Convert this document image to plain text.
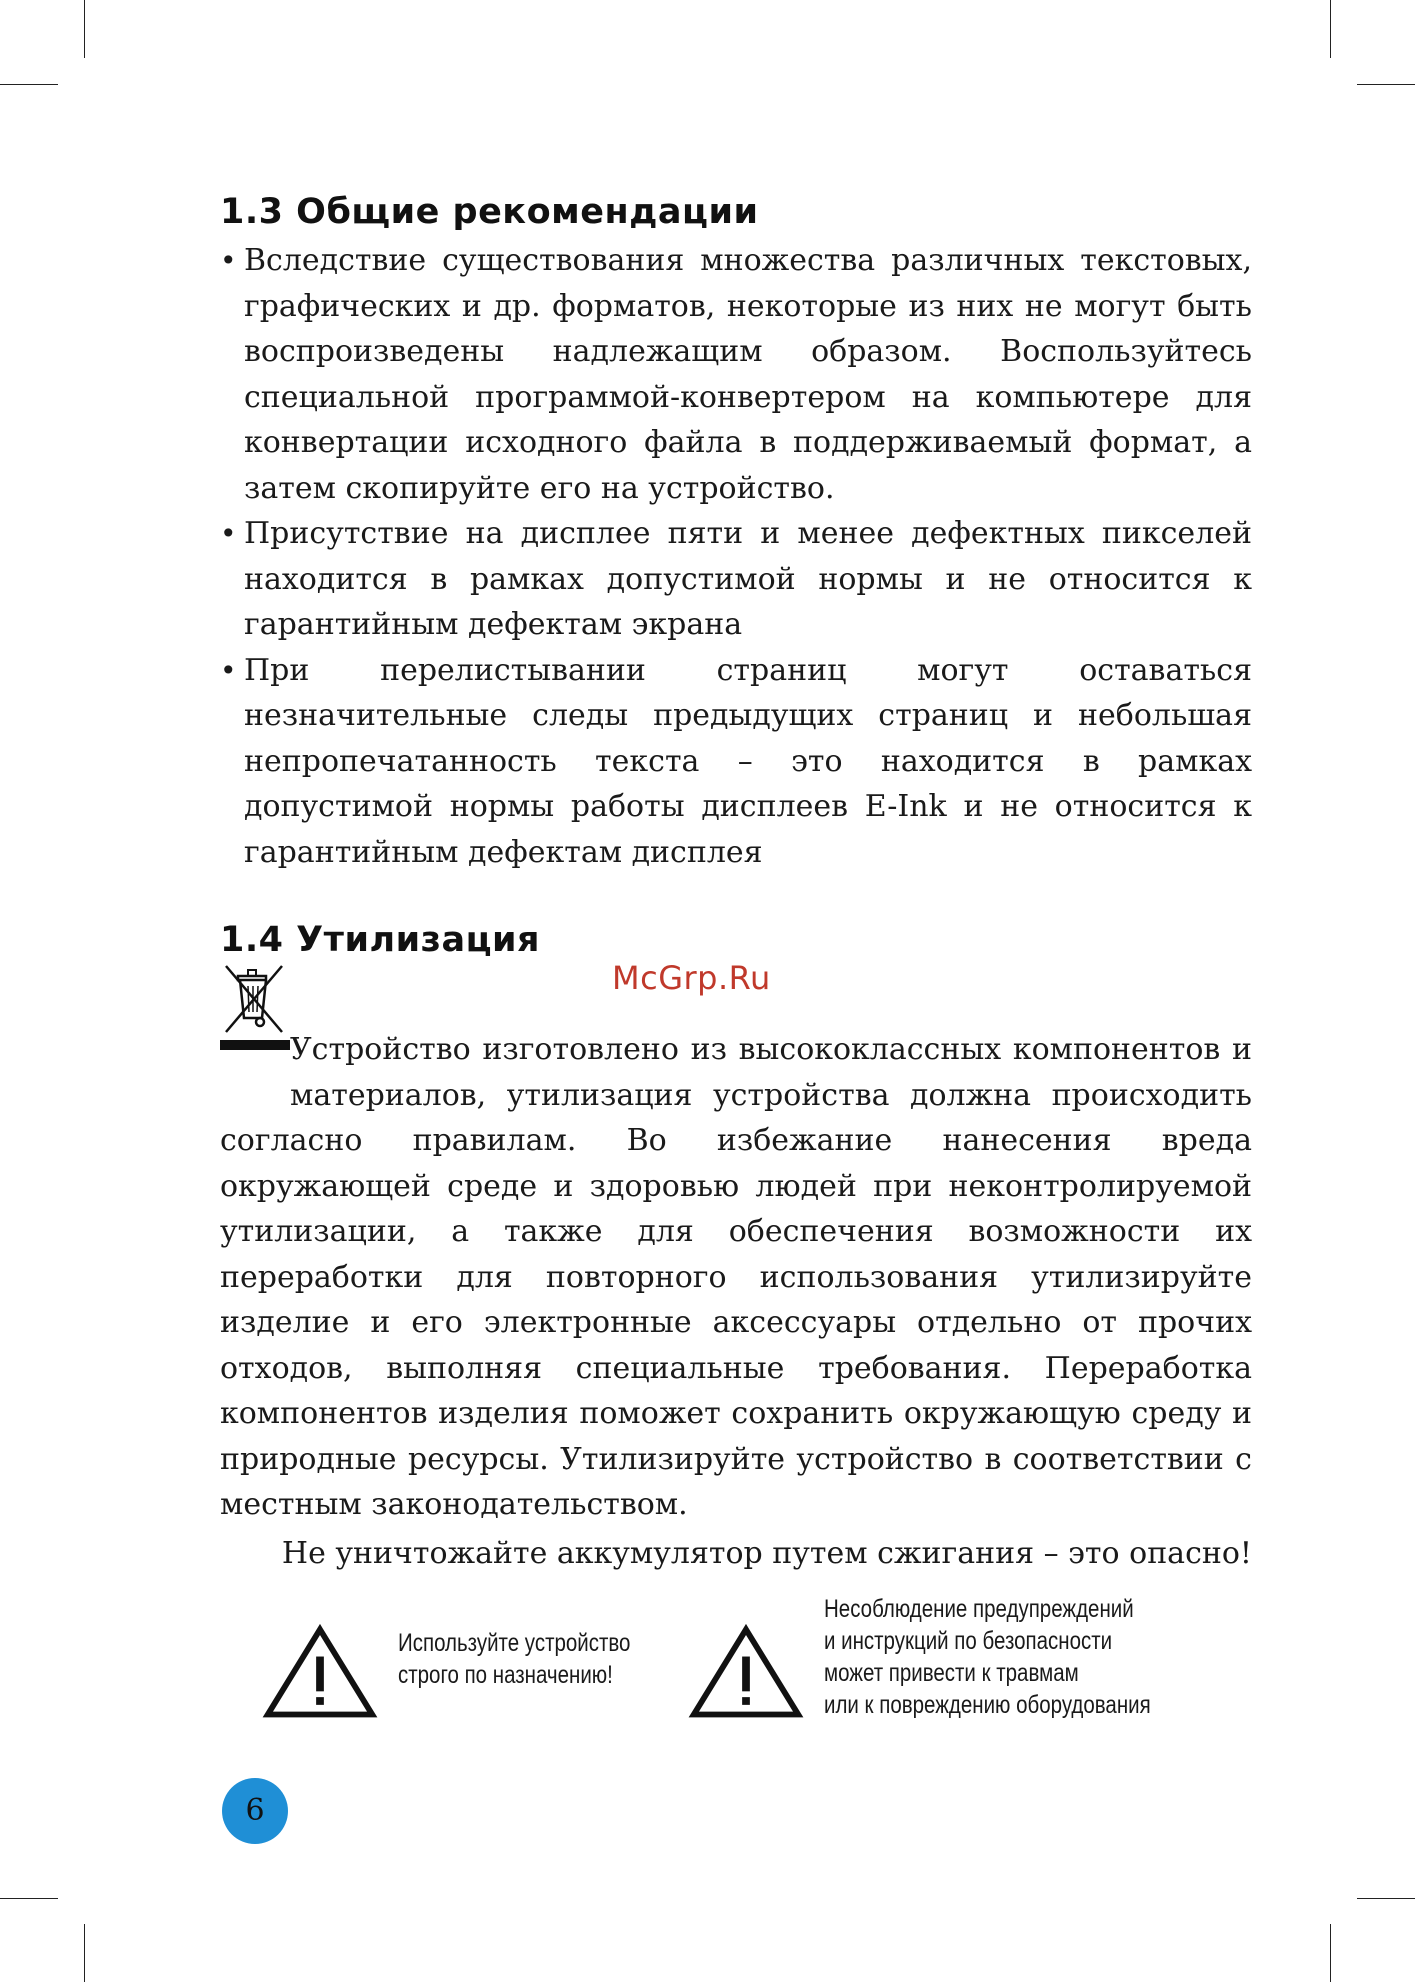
1.3 Общие рекомендации
• Вследствие существования множества различных текстовых, графических и др. форматов, некоторые из них не могут быть воспроизведены надлежащим образом. Воспользуйтесь специальной программой-конвертером на компьютере для конвертации исходного файла в поддерживаемый формат, а затем скопируйте его на устройство.
• Присутствие на дисплее пяти и менее дефектных пикселей находится в рамках допустимой нормы и не относится к гарантийным дефектам экрана
• При перелистывании страниц могут оставаться незначительные следы предыдущих страниц и небольшая непропечатанность текста – это находится в рамках допустимой нормы работы дисплеев E-Ink и не относится к гарантийным дефектам дисплея
1.4 Утилизация
McGrp.Ru
Устройство изготовлено из высококлассных компонентов и материалов, утилизация устройства должна происходить согласно правилам. Во избежание нанесения вреда окружающей среде и здоровью людей при неконтролируемой утилизации, а также для обеспечения возможности их переработки для повторного использования утилизируйте изделие и его электронные аксессуары отдельно от прочих отходов, выполняя специальные требования. Переработка компонентов изделия поможет сохранить окружающую среду и природные ресурсы. Утилизируйте устройство в соответствии с местным законодательством.
Не уничтожайте аккумулятор путем сжигания – это опасно!
Используйте устройство
строго по назначению!
Несоблюдение предупреждений
и инструкций по безопасности
может привести к травмам
или к повреждению оборудования
6
